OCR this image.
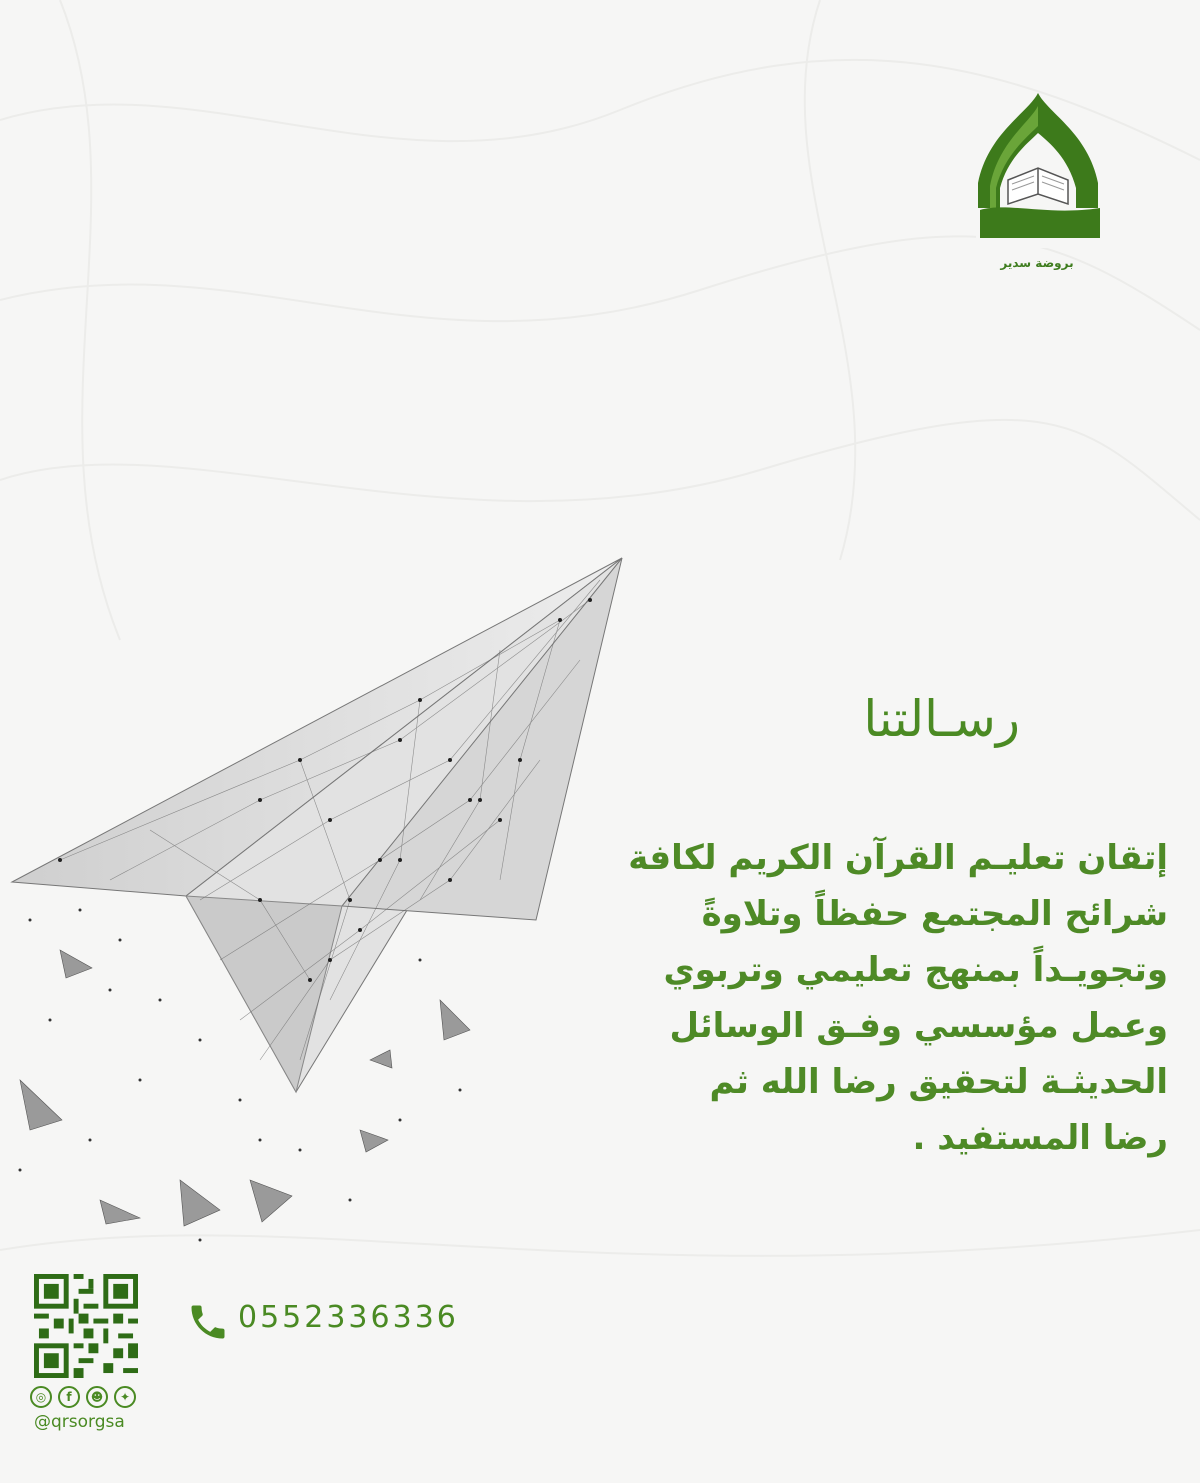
بروضة سدير
رسـالتنا
إتقان تعليـم القرآن الكريم لكافة
شرائح المجتمع حفظاً وتلاوةً
وتجويـداً بمنهج تعليمي وتربوي
وعمل مؤسسي وفـق الوسائل
الحديثـة لتحقيق رضا الله ثم
رضا المستفيد .
◎	f	☻	✦
@qrsorgsa
0552336336
